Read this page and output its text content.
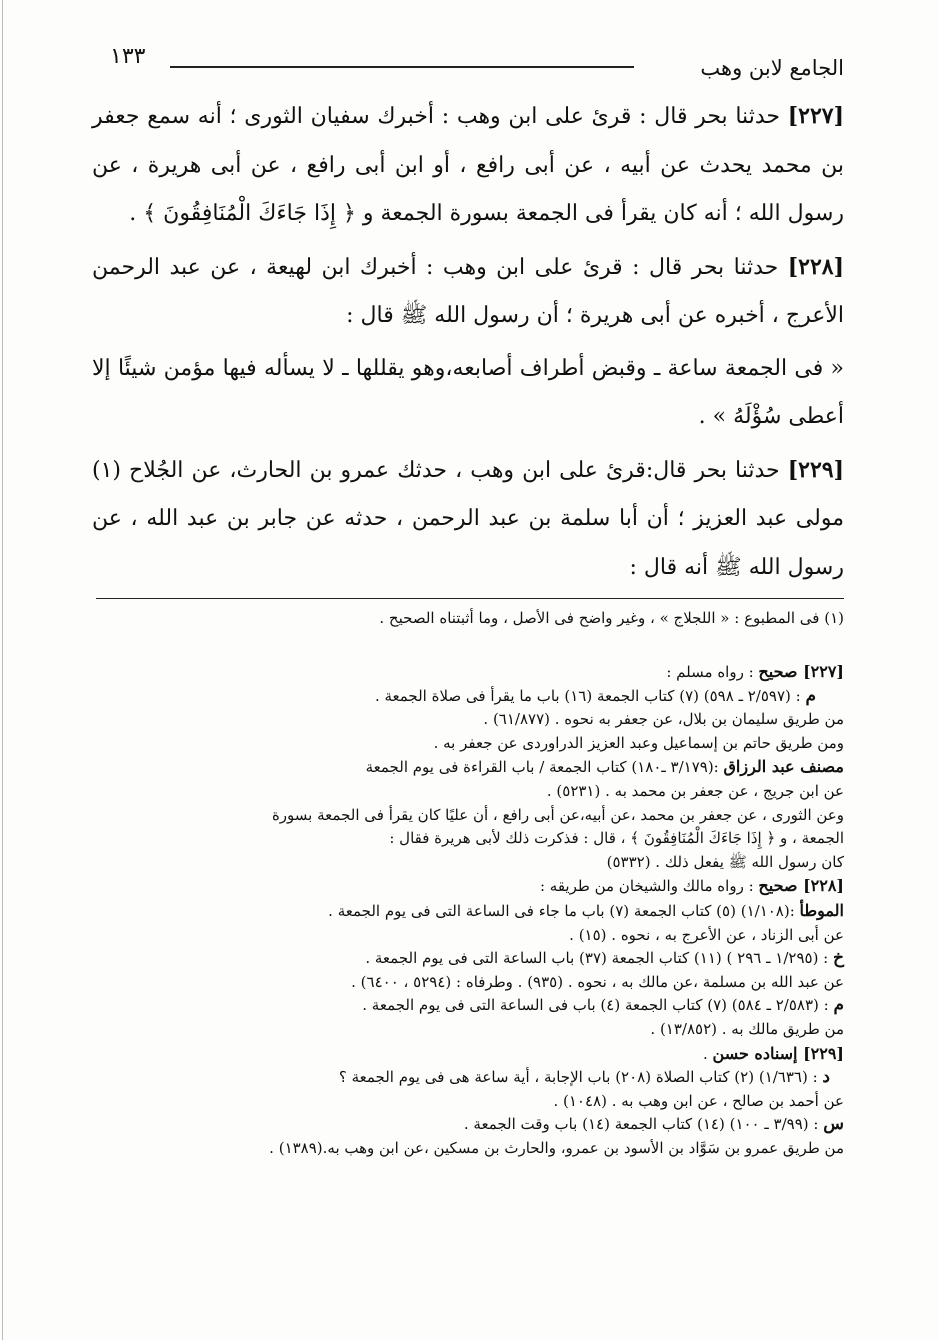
١٣٣	الجامع لابن وهب

[٢٢٧] حدثنا بحر قال : قرئ على ابن وهب : أخبرك سفيان الثورى ؛ أنه سمع جعفر بن محمد يحدث عن أبيه ، عن أبى رافع ، أو ابن أبى رافع ، عن أبى هريرة ، عن رسول الله ؛ أنه كان يقرأ فى الجمعة بسورة الجمعة و ﴿ إِذَا جَاءَكَ الْمُنَافِقُونَ ﴾ .

[٢٢٨] حدثنا بحر قال : قرئ على ابن وهب : أخبرك ابن لهيعة ، عن عبد الرحمن الأعرج ، أخبره عن أبى هريرة ؛ أن رسول الله ﷺ قال :

« فى الجمعة ساعة ـ وقبض أطراف أصابعه،وهو يقللها ـ لا يسأله فيها مؤمن شيئًا إلا أعطى سُؤْلَهُ » .

[٢٢٩] حدثنا بحر قال:قرئ على ابن وهب ، حدثك عمرو بن الحارث، عن الجُلاح (١) مولى عبد العزيز ؛ أن أبا سلمة بن عبد الرحمن ، حدثه عن جابر بن عبد الله ، عن رسول الله ﷺ أنه قال :

(١) فى المطبوع : « اللجلاج » ، وغير واضح فى الأصل ، وما أثبتناه الصحيح .
[٢٢٧] صحيح : رواه مسلم :
م : (٢/٥٩٧ ـ ٥٩٨) (٧) كتاب الجمعة (١٦) باب ما يقرأ فى صلاة الجمعة .
من طريق سليمان بن بلال، عن جعفر به نحوه . (٦١/٨٧٧) .
ومن طريق حاتم بن إسماعيل وعبد العزيز الدراوردى عن جعفر به .
مصنف عبد الرزاق :(٣/١٧٩ ـ١٨٠) كتاب الجمعة / باب القراءة فى يوم الجمعة
عن ابن جريج ، عن جعفر بن محمد به . (٥٢٣١) .
وعن الثورى ، عن جعفر بن محمد ،عن أبيه،عن أبى رافع ، أن عليًا كان يقرأ فى الجمعة بسورة
الجمعة ، و ﴿ إِذَا جَاءَكَ الْمُنَافِقُونَ ﴾ ، قال : فذكرت ذلك لأبى هريرة فقال :
كان رسول الله ﷺ يفعل ذلك . (٥٣٣٢)
[٢٢٨] صحيح : رواه مالك والشيخان من طريقه :
الموطأ :(١/١٠٨) (٥) كتاب الجمعة (٧) باب ما جاء فى الساعة التى فى يوم الجمعة .
عن أبى الزناد ، عن الأعرج به ، نحوه . (١٥) .
خ : (١/٢٩٥ ـ ٢٩٦ ) (١١) كتاب الجمعة (٣٧) باب الساعة التى فى يوم الجمعة .
عن عبد الله بن مسلمة ،عن مالك به ، نحوه . (٩٣٥) . وطرفاه : (٥٢٩٤ ، ٦٤٠٠) .
م : (٢/٥٨٣ ـ ٥٨٤) (٧) كتاب الجمعة (٤) باب فى الساعة التى فى يوم الجمعة .
من طريق مالك به . (١٣/٨٥٢) .
[٢٢٩] إسناده حسن .
د : (١/٦٣٦) (٢) كتاب الصلاة (٢٠٨) باب الإجابة ، أية ساعة هى فى يوم الجمعة ؟
عن أحمد بن صالح ، عن ابن وهب به . (١٠٤٨) .
س : (٣/٩٩ ـ ١٠٠) (١٤) كتاب الجمعة (١٤) باب وقت الجمعة .
من طريق عمرو بن سَوَّاد بن الأسود بن عمرو، والحارث بن مسكين ،عن ابن وهب به.(١٣٨٩) .
